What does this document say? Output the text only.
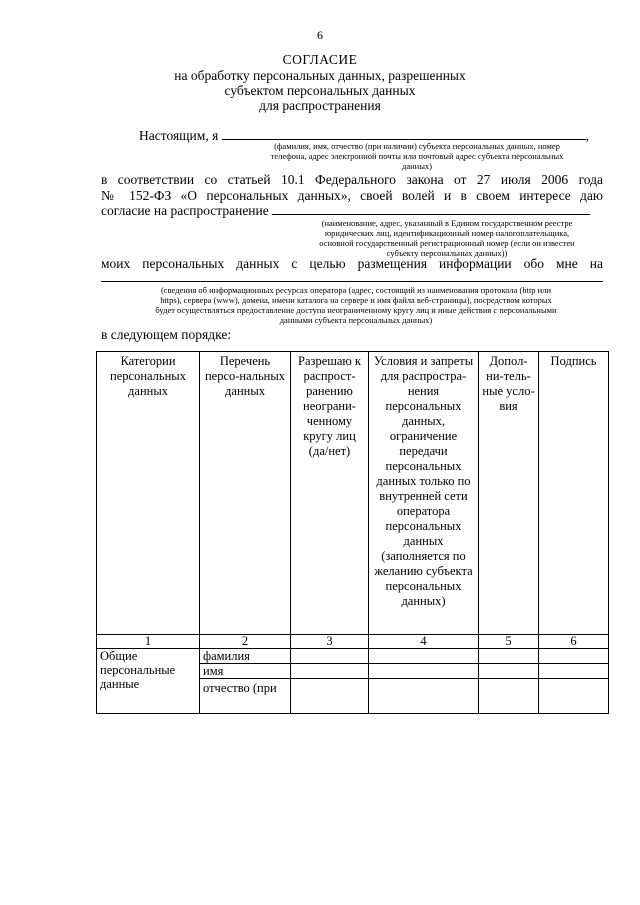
6
СОГЛАСИЕ
на обработку персональных данных, разрешенных
субъектом персональных данных
для распространения
Настоящим, я	,
(фамилия, имя, отчество (при наличии) субъекта персональных данных, номер
телефона, адрес электронной почты или почтовый адрес субъекта персональных
данных)
в соответствии со статьей 10.1 Федерального закона от 27 июля 2006 года
№ 152-ФЗ «О персональных данных», своей волей и в своем интересе даю
согласие на распространение
(наименование, адрес, указанный в Едином государственном реестре
юридических лиц, идентификационный номер налогоплательщика,
основной государственный регистрационный номер (если он известен
субъекту персональных данных))
моих персональных данных с целью размещения информации обо мне на
(сведения об информационных ресурсах оператора (адрес, состоящий из наименования протокола (http или
https), сервера (www), домена, имени каталога на сервере и имя файла веб-страницы), посредством которых
будет осуществляться предоставление доступа неограниченному кругу лиц и иные действия с персональными
данными субъекта персональных данных)
в следующем порядке:
Категории персональных данных	Перечень персо-нальных данных	Разрешаю к распрост-ранению неограни-ченному кругу лиц (да/нет)	Условия и запреты для распростра-нения персональных данных, ограничение передачи персональных данных только по внутренней сети оператора персональных данных (заполняется по желанию субъекта персональных данных)	Допол-ни-тель-ные усло-вия	Подпись
1	2	3	4	5	6
Общие персональные данные	фамилия				
	имя				
	отчество (при				
